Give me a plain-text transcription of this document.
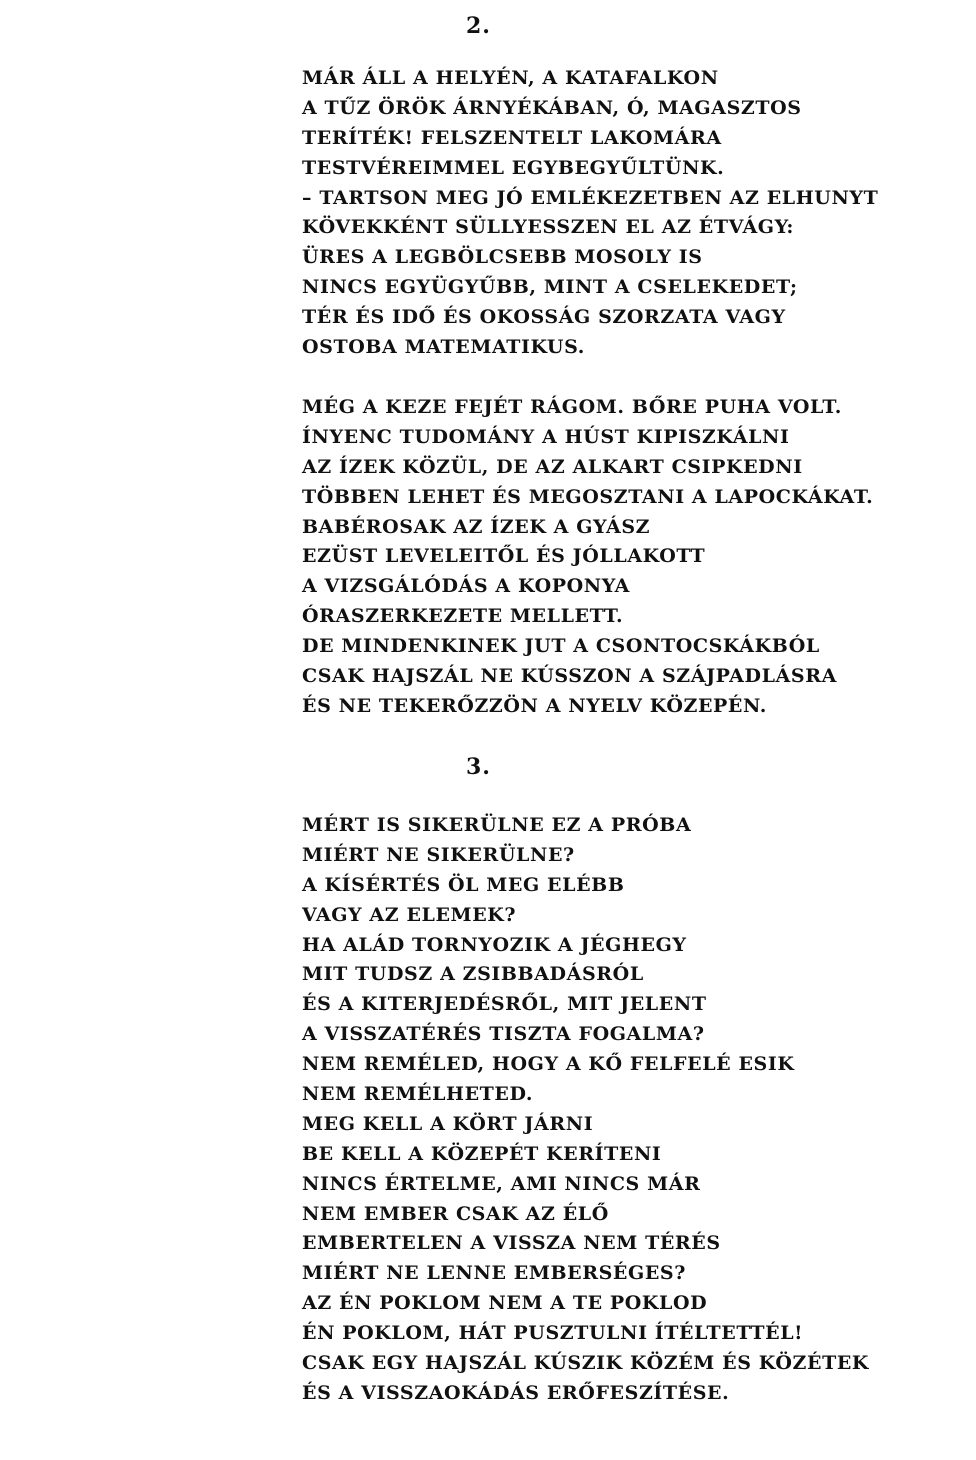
2.
MÁR ÁLL A HELYÉN, A KATAFALKON
A TŰZ ÖRÖK ÁRNYÉKÁBAN, Ó, MAGASZTOS
TERÍTÉK! FELSZENTELT LAKOMÁRA
TESTVÉREIMMEL EGYBEGYŰLTÜNK.
– TARTSON MEG JÓ EMLÉKEZETBEN AZ ELHUNYT
KÖVEKKÉNT SÜLLYESSZEN EL AZ ÉTVÁGY:
ÜRES A LEGBÖLCSEBB MOSOLY IS
NINCS EGYÜGYŰBB, MINT A CSELEKEDET;
TÉR ÉS IDŐ ÉS OKOSSÁG SZORZATA VAGY
OSTOBA MATEMATIKUS.
MÉG A KEZE FEJÉT RÁGOM. BŐRE PUHA VOLT.
ÍNYENC TUDOMÁNY A HÚST KIPISZKÁLNI
AZ ÍZEK KÖZÜL, DE AZ ALKART CSIPKEDNI
TÖBBEN LEHET ÉS MEGOSZTANI A LAPOCKÁKAT.
BABÉROSAK AZ ÍZEK A GYÁSZ
EZÜST LEVELEITŐL ÉS JÓLLAKOTT
A VIZSGÁLÓDÁS A KOPONYA
ÓRASZERKEZETE MELLETT.
DE MINDENKINEK JUT A CSONTOCSKÁKBÓL
CSAK HAJSZÁL NE KÚSSZON A SZÁJPADLÁSRA
ÉS NE TEKERŐZZÖN A NYELV KÖZEPÉN.
3.
MÉRT IS SIKERÜLNE EZ A PRÓBA
MIÉRT NE SIKERÜLNE?
A KÍSÉRTÉS ÖL MEG ELÉBB
VAGY AZ ELEMEK?
HA ALÁD TORNYOZIK A JÉGHEGY
MIT TUDSZ A ZSIBBADÁSRÓL
ÉS A KITERJEDÉSRŐL, MIT JELENT
A VISSZATÉRÉS TISZTA FOGALMA?
NEM REMÉLED, HOGY A KŐ FELFELÉ ESIK
NEM REMÉLHETED.
MEG KELL A KÖRT JÁRNI
BE KELL A KÖZEPÉT KERÍTENI
NINCS ÉRTELME, AMI NINCS MÁR
NEM EMBER CSAK AZ ÉLŐ
EMBERTELEN A VISSZA NEM TÉRÉS
MIÉRT NE LENNE EMBERSÉGES?
AZ ÉN POKLOM NEM A TE POKLOD
ÉN POKLOM, HÁT PUSZTULNI ÍTÉLTETTÉL!
CSAK EGY HAJSZÁL KÚSZIK KÖZÉM ÉS KÖZÉTEK
ÉS A VISSZAOKÁDÁS ERŐFESZÍTÉSE.
